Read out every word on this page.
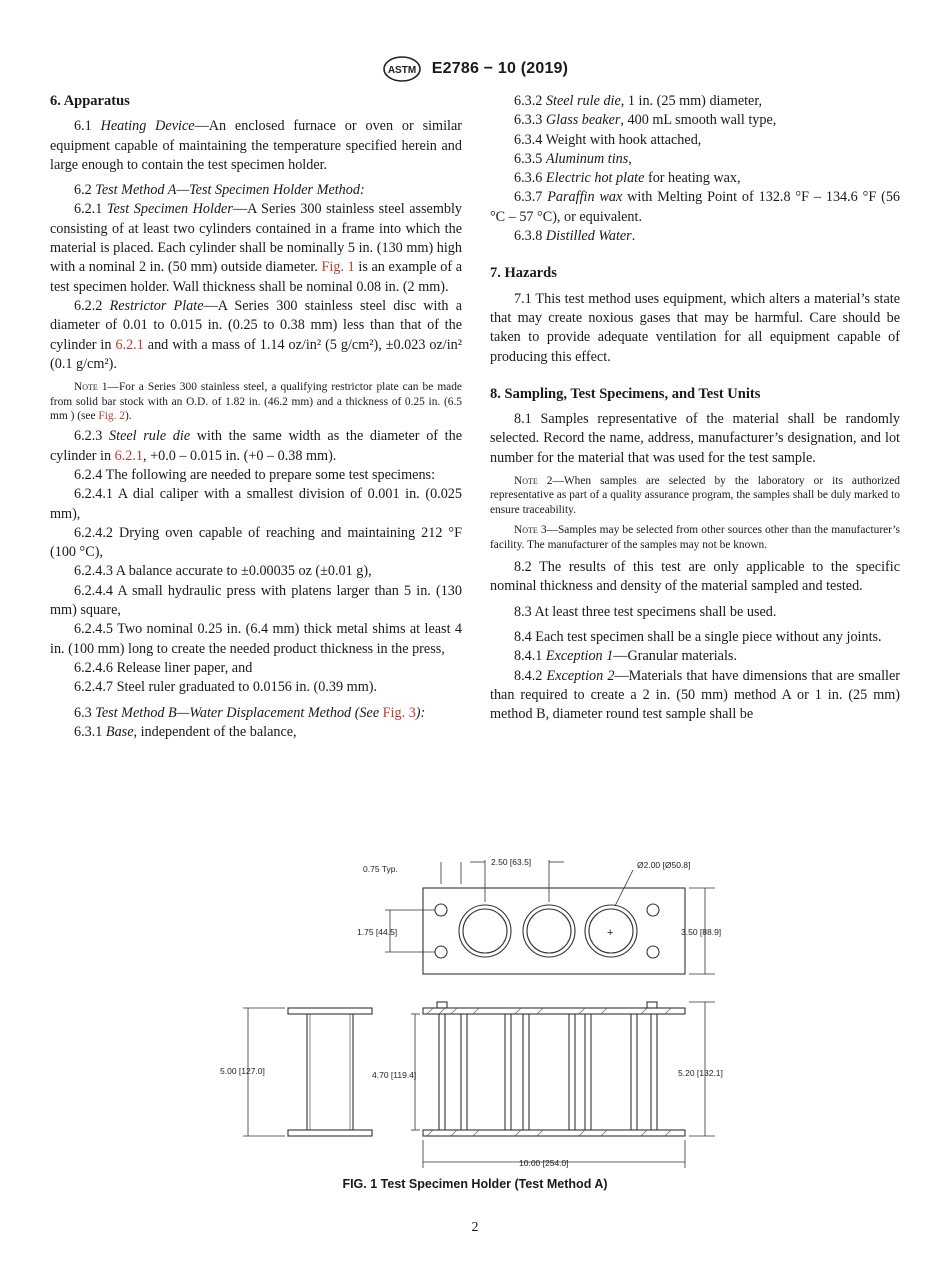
ASTM E2786 − 10 (2019)
6. Apparatus

6.1 Heating Device—An enclosed furnace or oven or similar equipment capable of maintaining the temperature specified herein and large enough to contain the test specimen holder.

6.2 Test Method A—Test Specimen Holder Method:

6.2.1 Test Specimen Holder—A Series 300 stainless steel assembly consisting of at least two cylinders contained in a frame into which the material is placed. Each cylinder shall be nominally 5 in. (130 mm) high with a nominal 2 in. (50 mm) outside diameter. Fig. 1 is an example of a test specimen holder. Wall thickness shall be nominal 0.08 in. (2 mm).

6.2.2 Restrictor Plate—A Series 300 stainless steel disc with a diameter of 0.01 to 0.015 in. (0.25 to 0.38 mm) less than that of the cylinder in 6.2.1 and with a mass of 1.14 oz/in² (5 g/cm²), ±0.023 oz/in² (0.1 g/cm²).

Note 1—For a Series 300 stainless steel, a qualifying restrictor plate can be made from solid bar stock with an O.D. of 1.82 in. (46.2 mm) and a thickness of 0.25 in. (6.5 mm ) (see Fig. 2).

6.2.3 Steel rule die with the same width as the diameter of the cylinder in 6.2.1, +0.0 – 0.015 in. (+0 – 0.38 mm).

6.2.4 The following are needed to prepare some test specimens:

6.2.4.1 A dial caliper with a smallest division of 0.001 in. (0.025 mm),

6.2.4.2 Drying oven capable of reaching and maintaining 212 °F (100 °C),

6.2.4.3 A balance accurate to ±0.00035 oz (±0.01 g),

6.2.4.4 A small hydraulic press with platens larger than 5 in. (130 mm) square,

6.2.4.5 Two nominal 0.25 in. (6.4 mm) thick metal shims at least 4 in. (100 mm) long to create the needed product thickness in the press,

6.2.4.6 Release liner paper, and

6.2.4.7 Steel ruler graduated to 0.0156 in. (0.39 mm).

6.3 Test Method B—Water Displacement Method (See Fig. 3):

6.3.1 Base, independent of the balance,

6.3.2 Steel rule die, 1 in. (25 mm) diameter,

6.3.3 Glass beaker, 400 mL smooth wall type,

6.3.4 Weight with hook attached,

6.3.5 Aluminum tins,

6.3.6 Electric hot plate for heating wax,

6.3.7 Paraffin wax with Melting Point of 132.8 °F – 134.6 °F (56 °C – 57 °C), or equivalent.

6.3.8 Distilled Water.

7. Hazards

7.1 This test method uses equipment, which alters a material’s state that may create noxious gases that may be harmful. Care should be taken to provide adequate ventilation for all equipment capable of producing this effect.

8. Sampling, Test Specimens, and Test Units

8.1 Samples representative of the material shall be randomly selected. Record the name, address, manufacturer’s designation, and lot number for the material that was used for the test sample.

Note 2—When samples are selected by the laboratory or its authorized representative as part of a quality assurance program, the samples shall be duly marked to ensure traceability.

Note 3—Samples may be selected from other sources other than the manufacturer’s facility. The manufacturer of the samples may not be known.

8.2 The results of this test are only applicable to the specific nominal thickness and density of the material sampled and tested.

8.3 At least three test specimens shall be used.

8.4 Each test specimen shall be a single piece without any joints.

8.4.1 Exception 1—Granular materials.

8.4.2 Exception 2—Materials that have dimensions that are smaller than required to create a 2 in. (50 mm) method A or 1 in. (25 mm) method B, diameter round test sample shall be

0.75 Typ.
2.50 [63.5]	Ø2.00 [Ø50.8]
1.75 [44.5]	3.50 [88.9]
5.00 [127.0]	4.70 [119.4]	5.20 [132.1]
10.00 [254.0]
+
FIG. 1 Test Specimen Holder (Test Method A)
2
